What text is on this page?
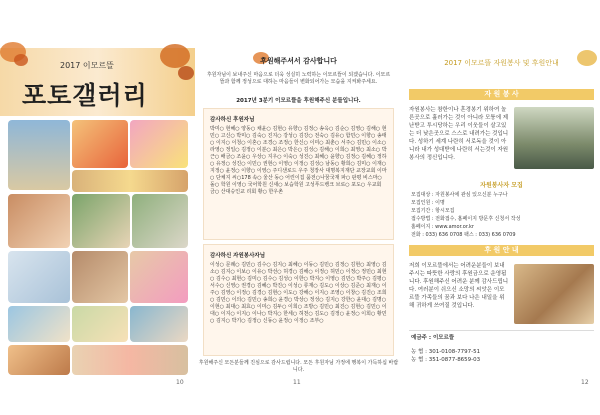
2017 이모르뜰
포토갤러리
10
후원해주셔서 감사합니다
후원자님이 보내주신 마음으로 더욱 성실히 노력하는 이모르뜰이 되겠습니다. 이모르뜰과 함께 정성으로 대하는 마음들이 변화되어가는 모습을 지켜봐주세요.
2017년 3분기 이모르뜰을 후원해주신 분들입니다.
감사하신 후원자님
박미○ 현혜○ 양동○ 채윤○ 김현○ 유향○ 김정○ 송옥○ 김순○ 김영○ 김해○ 현민○ 고신○ 박미○ 김숙○ 진지○ 강성○ 김강○ 전숙○ 김유○ 함민○ 이향○ 송태○ 이지○ 이청○ 이혼○ 조경○ 조정○ 한신○ 이미○ 최춘○ 서주○ 김민○ 이소○ 라영○ 정일○ 김정○ 이분○ 최은○ 박은○ 김성○ 김해○ 이희○ 최영○ 최소○ 박근○ 배금○ 조윤○ 우상○ 지우○ 이숙○ 성진○ 최혜○ 윤향○ 김정○ 김혜○ 정하○ 유정○ 성진○ 이민○ 권현○ 이영○ 이정○ 김성○ 남동○ 황희○ 김미○ 이재○ 지정○ 윤정○ 이향○ 이영○ 주디샌로드 우주 청장사 대명복지재단 교장교회 이마○ 단체지 씨○178 속○ 울산 동○ 어린이집 품전○나꿈국재 파○ 판평 비스마○ 돌○ 학원 이영○ 국어학원 신새○ 보습학원 고성푸드뱅크 브로○ 포도○ 우교회 금○ 산대승인교 리회 황○ 한우촌
감사하신 자원봉사자님
이성○ 문례○ 김민○ 김수○ 김지○ 최혜○ 이동○ 김민○ 김정○ 김현○ 최영○ 김소○ 김지○ 이보○ 이유○ 박선○ 허경○ 김해○ 이정○ 허민○ 이정○ 정민○ 최현○ 김수○ 최현○ 김미○ 김수○ 김성○ 이한○ 박지○ 이영○ 김민○ 박주○ 김평○ 서수○ 신영○ 권경○ 김혜○ 박진○ 이성○ 류재○ 김도○ 이상○ 김준○ 최재○ 이주○ 김영○ 이정○ 김경○ 김현○ 이도○ 강해○ 이지○ 조영○ 이창○ 김진○ 조희○ 김민○ 이의○ 김민○ 송희○ 윤경○ 박상○ 정성○ 김지○ 강한○ 윤대○ 김명○ 이현○ 최대○ 최효○ 이미○ 김두○ 이희○ 조방○ 김민○ 최진○ 김현○ 김민○ 이대○ 이지○ 이지○ 이나○ 박지○ 한세○ 허천○ 김도○ 김정○ 윤정○ 이희○ 황민○ 김지○ 박기○ 김정○ 신동○ 윤정○ 이정○ 조부○
후원해주신 모든분들께 진심으로 감사드립니다. 모든 후원자님 가정에 행복이 가득하십 바랍니다.
11
2017 이모르뜰 자원봉사 및 후원안내
자 원 봉 사
자원봉사는 참한이나 혼경봉기 위하여 놀른곳으로 흘러가는 것이 아니라 모퉁에 제난받고 투시당하는 우리 이웃들이 살고있는 더 낮은곳으로 스스로 내려가는 것입니다. 성하기 세계 나란히 서로독을 것이 아니라 내가 성대받에 나란히 서는것이 자원봉사의 정신입니다.
자원봉사자 모집
모집대상 : 자원봉사에 관심 있으신분 누구나
모집인원 : 이명
모집기간 : 항시모집
접수방법 : 전화접수, 홈페이지 방문후 신청서 작성
홈페이지 : www.amor.or.kr
전화 : 033) 636 0708 팩스 : 033) 636 0709
후 원 안 내
저희 이모르뜰에서는 어려운분들이 보내주시는 따뜻한 사랑의 후원금으로 운영됩니다. 후원해주신 어려운 분께 감사드립니다. 여러분이 쉬으신 소망의 씨앗은 이모르뜰 가족들의 꿈과 보다 나은 내일을 위해 귀하게 쓰여질 것입니다.
예금주 : 이모르뜰
농 협 : 301-0108-7797-51
농 협 : 351-0877-8659-03
12
